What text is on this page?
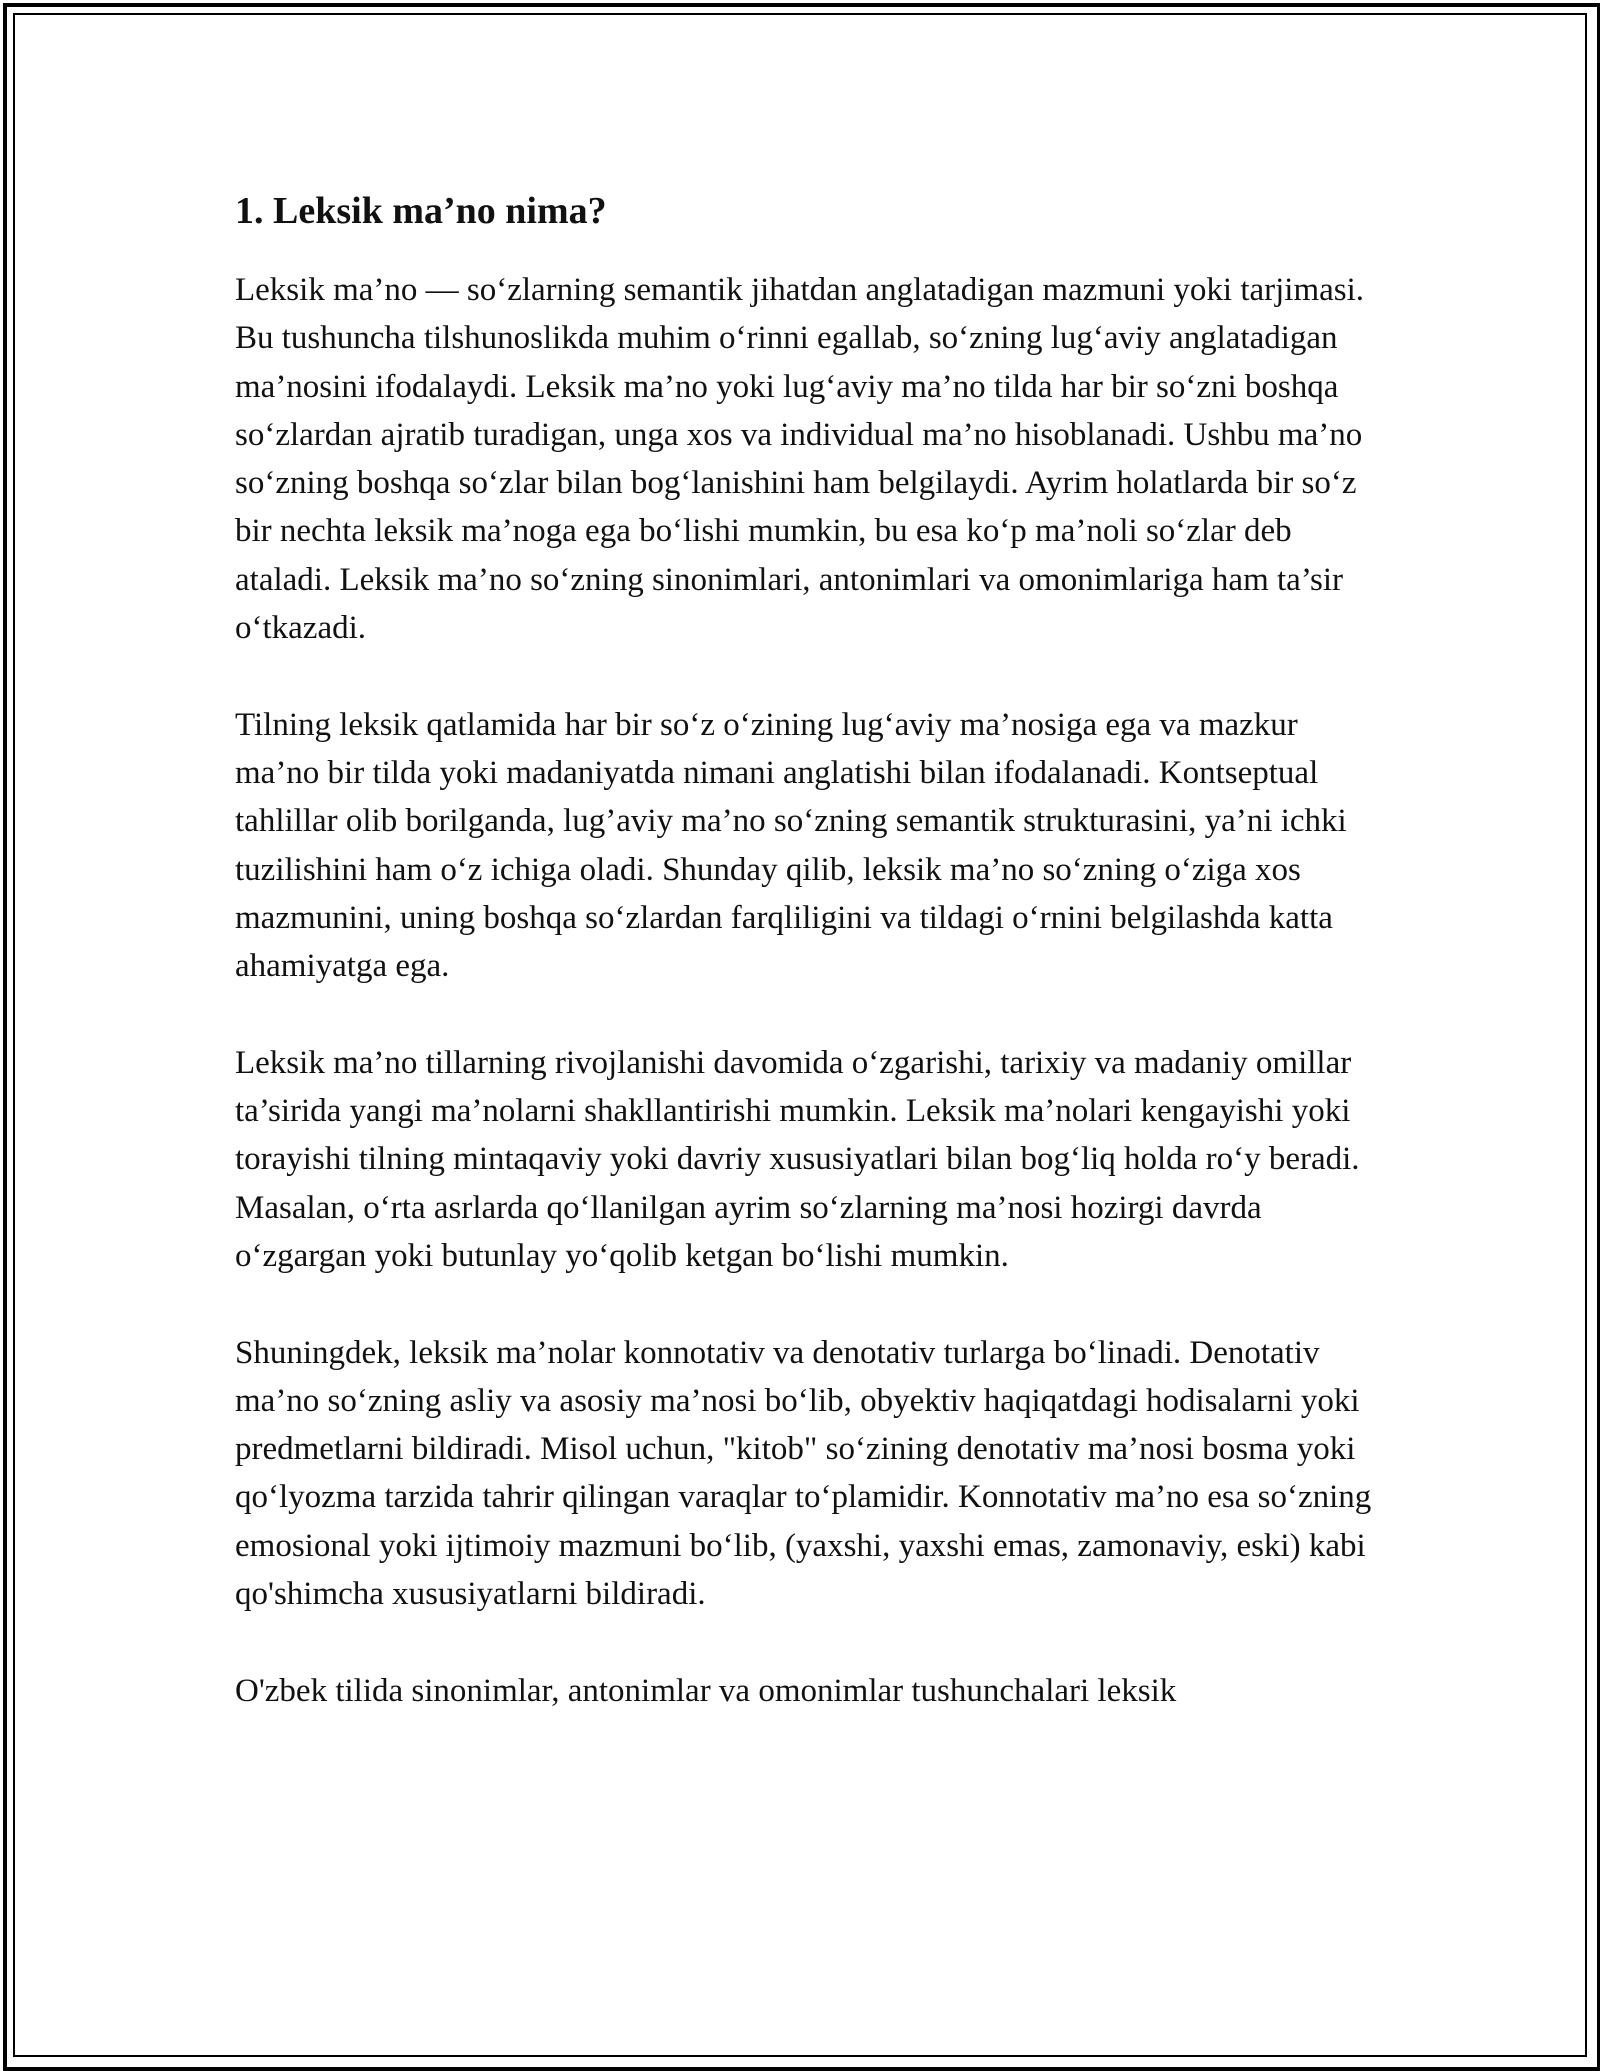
1. Leksik ma’no nima?

Leksik ma’no — so‘zlarning semantik jihatdan anglatadigan mazmuni yoki tarjimasi. Bu tushuncha tilshunoslikda muhim o‘rinni egallab, so‘zning lug‘aviy anglatadigan ma’nosini ifodalaydi. Leksik ma’no yoki lug‘aviy ma’no tilda har bir so‘zni boshqa so‘zlardan ajratib turadigan, unga xos va individual ma’no hisoblanadi. Ushbu ma’no so‘zning boshqa so‘zlar bilan bog‘lanishini ham belgilaydi. Ayrim holatlarda bir so‘z bir nechta leksik ma’noga ega bo‘lishi mumkin, bu esa ko‘p ma’noli so‘zlar deb ataladi. Leksik ma’no so‘zning sinonimlari, antonimlari va omonimlariga ham ta’sir o‘tkazadi.

Tilning leksik qatlamida har bir so‘z o‘zining lug‘aviy ma’nosiga ega va mazkur ma’no bir tilda yoki madaniyatda nimani anglatishi bilan ifodalanadi. Kontseptual tahlillar olib borilganda, lug’aviy ma’no so‘zning semantik strukturasini, ya’ni ichki tuzilishini ham o‘z ichiga oladi. Shunday qilib, leksik ma’no so‘zning o‘ziga xos mazmunini, uning boshqa so‘zlardan farqliligini va tildagi o‘rnini belgilashda katta ahamiyatga ega.

Leksik ma’no tillarning rivojlanishi davomida o‘zgarishi, tarixiy va madaniy omillar ta’sirida yangi ma’nolarni shakllantirishi mumkin. Leksik ma’nolari kengayishi yoki torayishi tilning mintaqaviy yoki davriy xususiyatlari bilan bog‘liq holda ro‘y beradi. Masalan, o‘rta asrlarda qo‘llanilgan ayrim so‘zlarning ma’nosi hozirgi davrda o‘zgargan yoki butunlay yo‘qolib ketgan bo‘lishi mumkin.

Shuningdek, leksik ma’nolar konnotativ va denotativ turlarga bo‘linadi. Denotativ ma’no so‘zning asliy va asosiy ma’nosi bo‘lib, obyektiv haqiqatdagi hodisalarni yoki predmetlarni bildiradi. Misol uchun, "kitob" so‘zining denotativ ma’nosi bosma yoki qo‘lyozma tarzida tahrir qilingan varaqlar to‘plamidir. Konnotativ ma’no esa so‘zning emosional yoki ijtimoiy mazmuni bo‘lib, (yaxshi, yaxshi emas, zamonaviy, eski) kabi qo'shimcha xususiyatlarni bildiradi.

O'zbek tilida sinonimlar, antonimlar va omonimlar tushunchalari leksik
